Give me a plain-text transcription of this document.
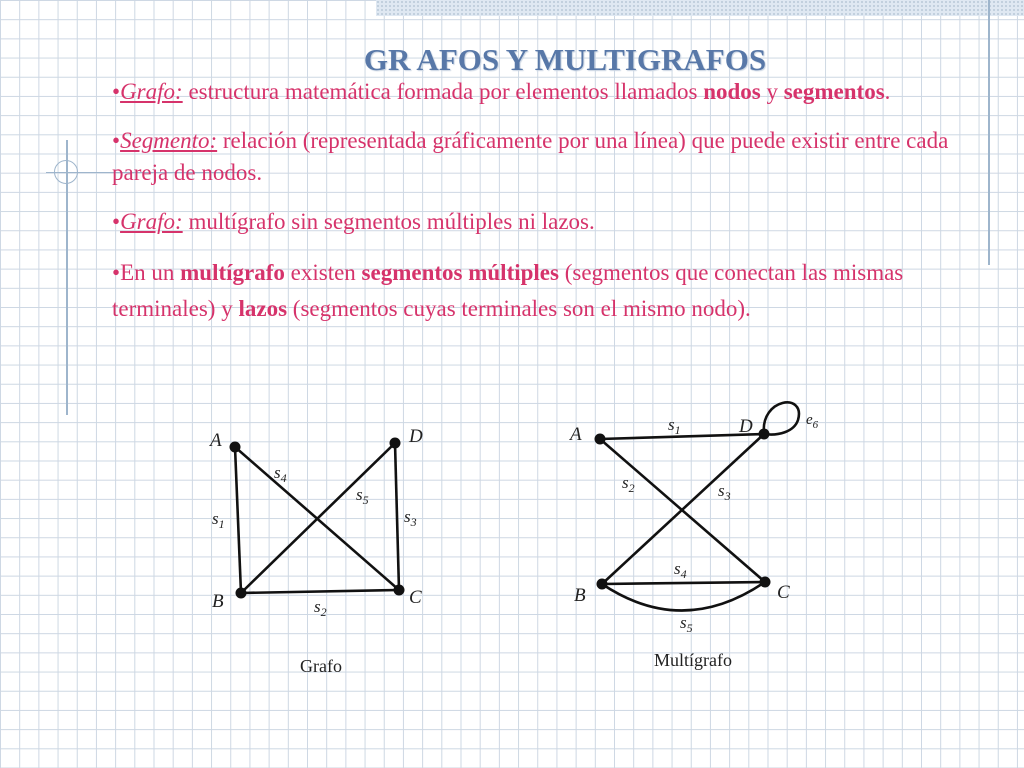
GR AFOS Y MULTIGRAFOS

•Grafo: estructura matemática formada por elementos llamados nodos y segmentos.

•Segmento: relación (representada gráficamente por una línea) que puede existir entre cada pareja de nodos.

•Grafo: multígrafo sin segmentos múltiples ni lazos.

•En un multígrafo existen segmentos múltiples (segmentos que conectan las mismas terminales) y lazos (segmentos cuyas terminales son el mismo nodo).

A	D
B	C
$s_1$
$s_2$
$s_3$
$s_4$
$s_5$
Grafo
A	D
B	C
$s_1$
$s_2$	$s_3$
$s_4$
$s_5$
$e_6$
Multígrafo
